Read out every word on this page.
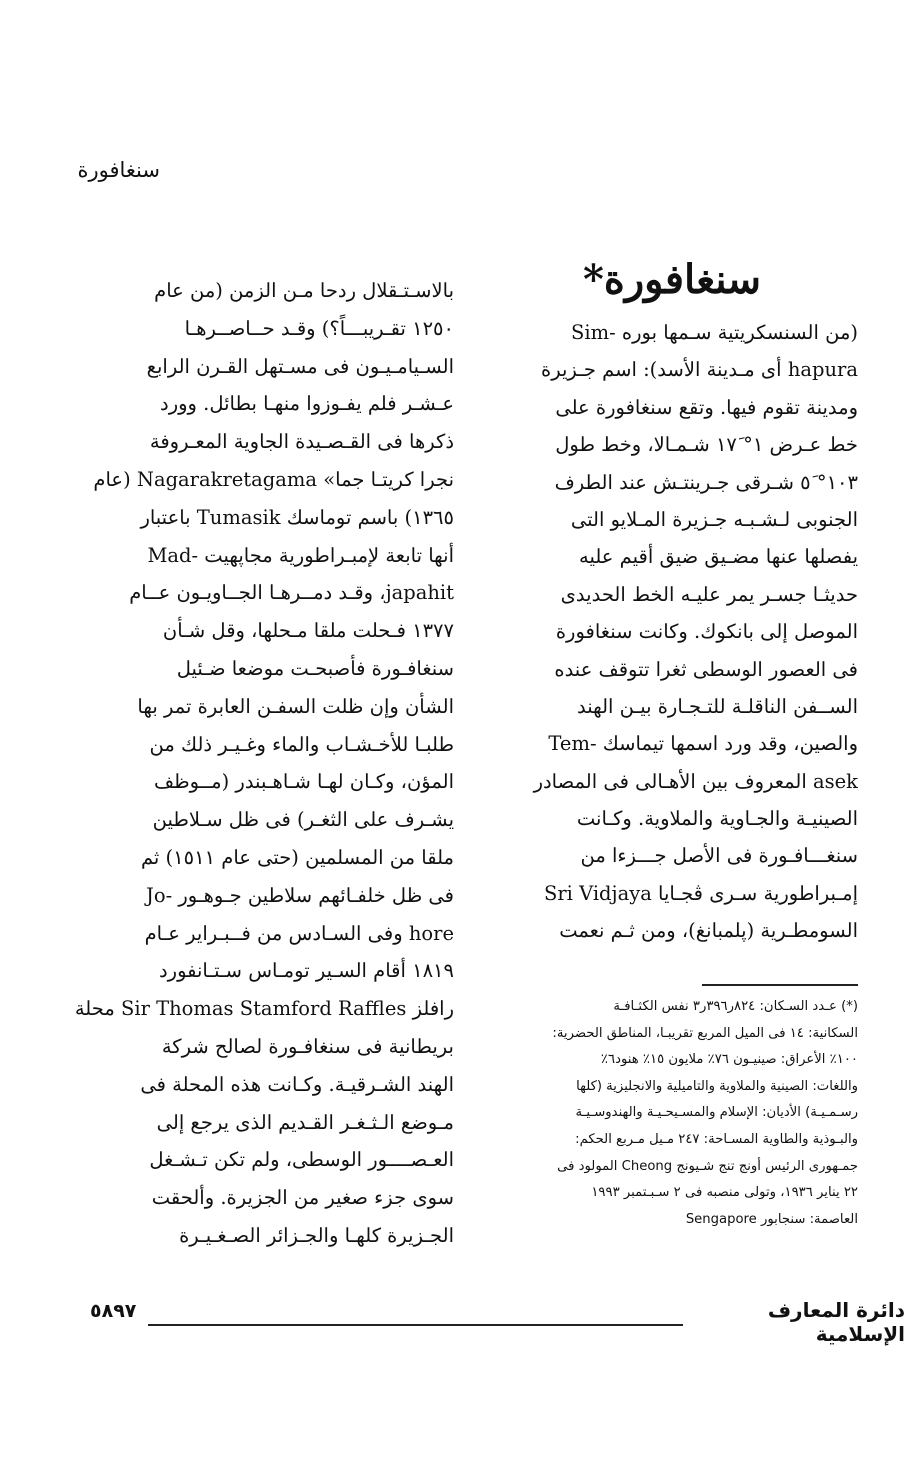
سنغافورة
سنغافورة*
(من السنسكريتية سـمها بوره -Sim
hapura أى مـدينة الأسد): اسم جـزيرة
ومدينة تقوم فيها. وتقع سنغافورة على
خط عـرض ١° ١٧َ شـمـالا، وخط طول
١٠٣° ٥َ شـرقى جـرينتـش عند الطرف
الجنوبى لـشـبـه جـزيرة المـلايو التى
يفصلها عنها مضـيق ضيق أقيم عليه
حديثـا جسـر يمر عليـه الخط الحديدى
الموصل إلى بانكوك. وكانت سنغافورة
فى العصور الوسطى ثغرا تتوقف عنده
الســفن الناقلـة للتـجـارة بيـن الهند
والصين، وقد ورد اسمها تيماسك -Tem
asek المعروف بين الأهـالى فى المصادر
الصينيـة والجـاوية والملاوية. وكـانت
سنغـــافـورة فى الأصل جـــزءا من
إمـبراطورية سـرى ڤجـايا Sri Vidjaya
السومطـرية (پلمبانغ)، ومن ثـم نعمت
بالاسـتـقلال ردحا مـن الزمن (من عام
١٢٥٠ تقـريبـــاً؟) وقـد حــاصــرهـا
السـيامـيـون فى مسـتهل القـرن الرابع
عـشـر فلم يفـوزوا منهـا بطائل. وورد
ذكرها فى القـصـيدة الجاوية المعـروفة
نجرا كريتـا جما» Nagarakretagama (عام
١٣٦٥) باسم توماسك Tumasik باعتبار
أنها تابعة لإمبـراطورية مجاپهيت -Mad
japahit، وقـد دمــرهـا الجــاويـون عــام
١٣٧٧ فـحلت ملقا مـحلها، وقل شـأن
سنغافـورة فأصبحـت موضعا ضـئيل
الشأن وإن ظلت السفـن العابرة تمر بها
طلبـا للأخـشـاب والماء وغـيـر ذلك من
المؤن، وكـان لهـا شـاهـبندر (مــوظف
يشـرف على الثغـر) فى ظل سـلاطين
ملقا من المسلمين (حتى عام ١٥١١) ثم
فى ظل خلفـائهم سلاطين جـوهـور -Jo
hore وفى السـادس من فــبـراير عـام
١٨١٩ أقام السـير تومـاس سـتـانفورد
رافلز Sir Thomas Stamford Raffles محلة
بريطانية فى سنغافـورة لصالح شركة
الهند الشـرقيـة. وكـانت هذه المحلة فى
مـوضع الـثـغـر القـديم الذى يرجع إلى
العـصــــور الوسطى، ولم تكن تـشـغل
سوى جزء صغير من الجزيرة. وألحقت
الجـزيرة كلهـا والجـزائر الصـغـيـرة
(*) عـدد السـكان: ٨٢٤ر٣٩٦ر٣ نفس الكثـافـة
السكانية: ١٤ فى الميل المربع تقريبـا، المناطق الحضرية:
١٠٠٪ الأعراق: صينيـون ٧٦٪ ملايون ١٥٪ هنود٦٪
واللغات: الصينية والملاوية والتاميلية والانجليزية (كلها
رسـمـيـة) الأديان: الإسلام والمسـيحـيـة والهندوسـيـة
والبـوذية والطاوية المسـاحة: ٢٤٧ مـيل مـربع الحكم:
جمـهورى الرئيس أونج تنج شـيونج Cheong المولود فى
٢٢ يناير ١٩٣٦، وتولى منصبه فى ٢ سـبـتمبر ١٩٩٣
العاصمة: سنجابور Sengapore
دائرة المعارف الإسلامية
٥٨٩٧
